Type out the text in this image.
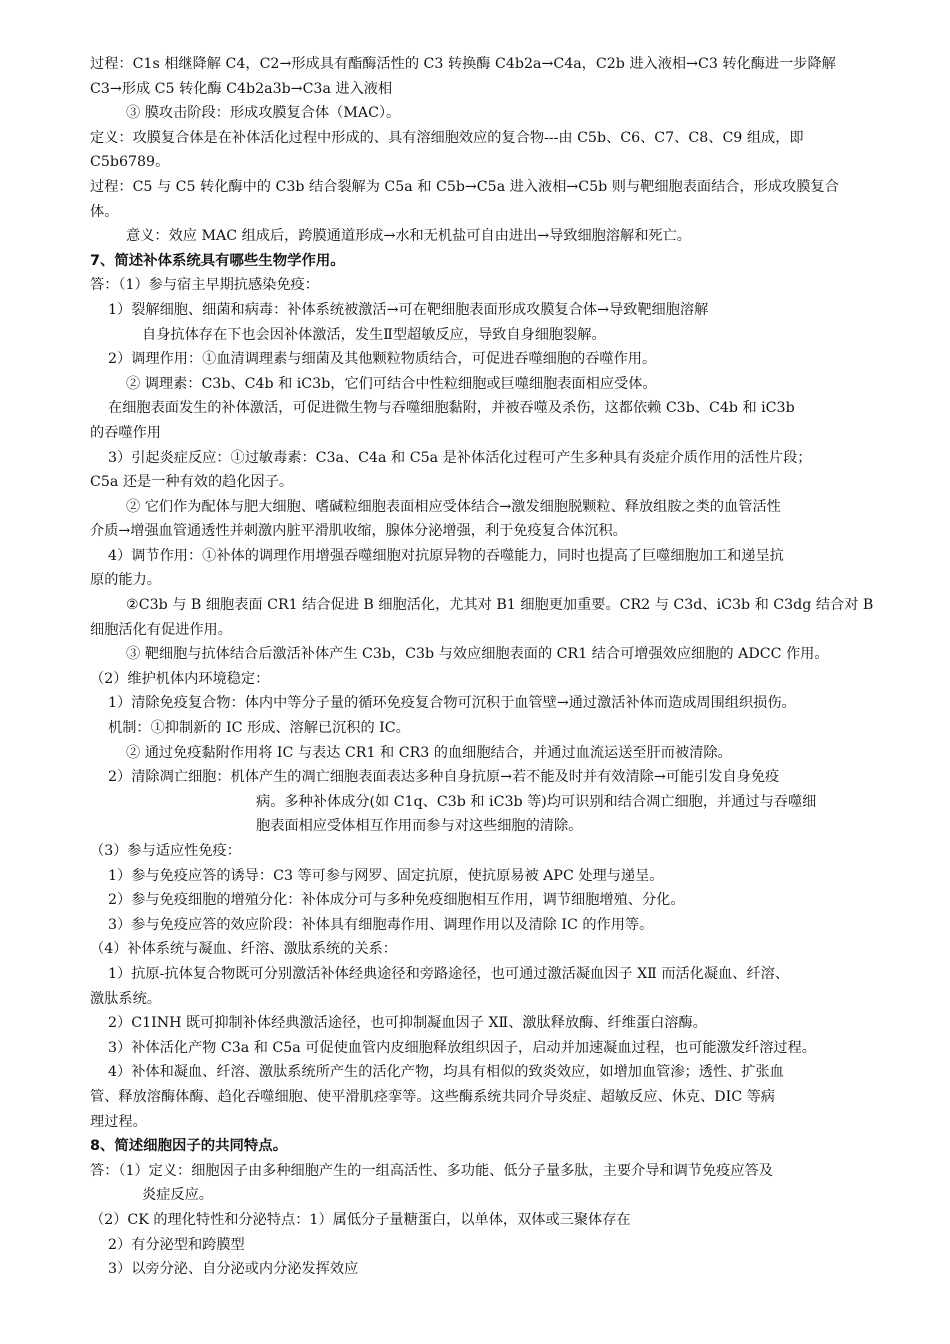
过程：C1s 相继降解 C4，C2→形成具有酯酶活性的 C3 转换酶 C4b2a→C4a，C2b 进入液相→C3 转化酶进一步降解
C3→形成 C5 转化酶 C4b2a3b→C3a 进入液相
③ 膜攻击阶段：形成攻膜复合体（MAC）。
定义：攻膜复合体是在补体活化过程中形成的、具有溶细胞效应的复合物---由 C5b、C6、C7、C8、C9 组成，即
C5b6789。
过程：C5 与 C5 转化酶中的 C3b 结合裂解为 C5a 和 C5b→C5a 进入液相→C5b 则与靶细胞表面结合，形成攻膜复合
体。
意义：效应 MAC 组成后，跨膜通道形成→水和无机盐可自由进出→导致细胞溶解和死亡。
7、简述补体系统具有哪些生物学作用。
答：（1）参与宿主早期抗感染免疫：
1）裂解细胞、细菌和病毒：补体系统被激活→可在靶细胞表面形成攻膜复合体→导致靶细胞溶解
自身抗体存在下也会因补体激活，发生Ⅱ型超敏反应，导致自身细胞裂解。
2）调理作用：①血清调理素与细菌及其他颗粒物质结合，可促进吞噬细胞的吞噬作用。
② 调理素：C3b、C4b 和 iC3b，它们可结合中性粒细胞或巨噬细胞表面相应受体。
在细胞表面发生的补体激活，可促进微生物与吞噬细胞黏附，并被吞噬及杀伤，这都依赖 C3b、C4b 和 iC3b
的吞噬作用
3）引起炎症反应：①过敏毒素：C3a、C4a 和 C5a 是补体活化过程可产生多种具有炎症介质作用的活性片段；
C5a 还是一种有效的趋化因子。
② 它们作为配体与肥大细胞、嗜碱粒细胞表面相应受体结合→激发细胞脱颗粒、释放组胺之类的血管活性
介质→增强血管通透性并刺激内脏平滑肌收缩，腺体分泌增强，利于免疫复合体沉积。
4）调节作用：①补体的调理作用增强吞噬细胞对抗原异物的吞噬能力，同时也提高了巨噬细胞加工和递呈抗
原的能力。
②C3b 与 B 细胞表面 CR1 结合促进 B 细胞活化，尤其对 B1 细胞更加重要。CR2 与 C3d、iC3b 和 C3dg 结合对 B
细胞活化有促进作用。
③ 靶细胞与抗体结合后激活补体产生 C3b，C3b 与效应细胞表面的 CR1 结合可增强效应细胞的 ADCC 作用。
（2）维护机体内环境稳定：
1）清除免疫复合物：体内中等分子量的循环免疫复合物可沉积于血管壁→通过激活补体而造成周围组织损伤。
机制：①抑制新的 IC 形成、溶解已沉积的 IC。
② 通过免疫黏附作用将 IC 与表达 CR1 和 CR3 的血细胞结合，并通过血流运送至肝而被清除。
2）清除凋亡细胞：机体产生的凋亡细胞表面表达多种自身抗原→若不能及时并有效清除→可能引发自身免疫
病。多种补体成分(如 C1q、C3b 和 iC3b 等)均可识别和结合凋亡细胞，并通过与吞噬细
胞表面相应受体相互作用而参与对这些细胞的清除。
（3）参与适应性免疫：
1）参与免疫应答的诱导：C3 等可参与网罗、固定抗原，使抗原易被 APC 处理与递呈。
2）参与免疫细胞的增殖分化：补体成分可与多种免疫细胞相互作用，调节细胞增殖、分化。
3）参与免疫应答的效应阶段：补体具有细胞毒作用、调理作用以及清除 IC 的作用等。
（4）补体系统与凝血、纤溶、激肽系统的关系：
1）抗原-抗体复合物既可分别激活补体经典途径和旁路途径，也可通过激活凝血因子 XⅡ 而活化凝血、纤溶、
激肽系统。
2）C1INH 既可抑制补体经典激活途径，也可抑制凝血因子 XⅡ、激肽释放酶、纤维蛋白溶酶。
3）补体活化产物 C3a 和 C5a 可促使血管内皮细胞释放组织因子，启动并加速凝血过程，也可能激发纤溶过程。
4）补体和凝血、纤溶、激肽系统所产生的活化产物，均具有相似的致炎效应，如增加血管渗；透性、扩张血
管、释放溶酶体酶、趋化吞噬细胞、使平滑肌痉挛等。这些酶系统共同介导炎症、超敏反应、休克、DIC 等病
理过程。
8、简述细胞因子的共同特点。
答：（1）定义：细胞因子由多种细胞产生的一组高活性、多功能、低分子量多肽，主要介导和调节免疫应答及
炎症反应。
（2）CK 的理化特性和分泌特点：1）属低分子量糖蛋白，以单体，双体或三聚体存在
2）有分泌型和跨膜型
3）以旁分泌、自分泌或内分泌发挥效应
